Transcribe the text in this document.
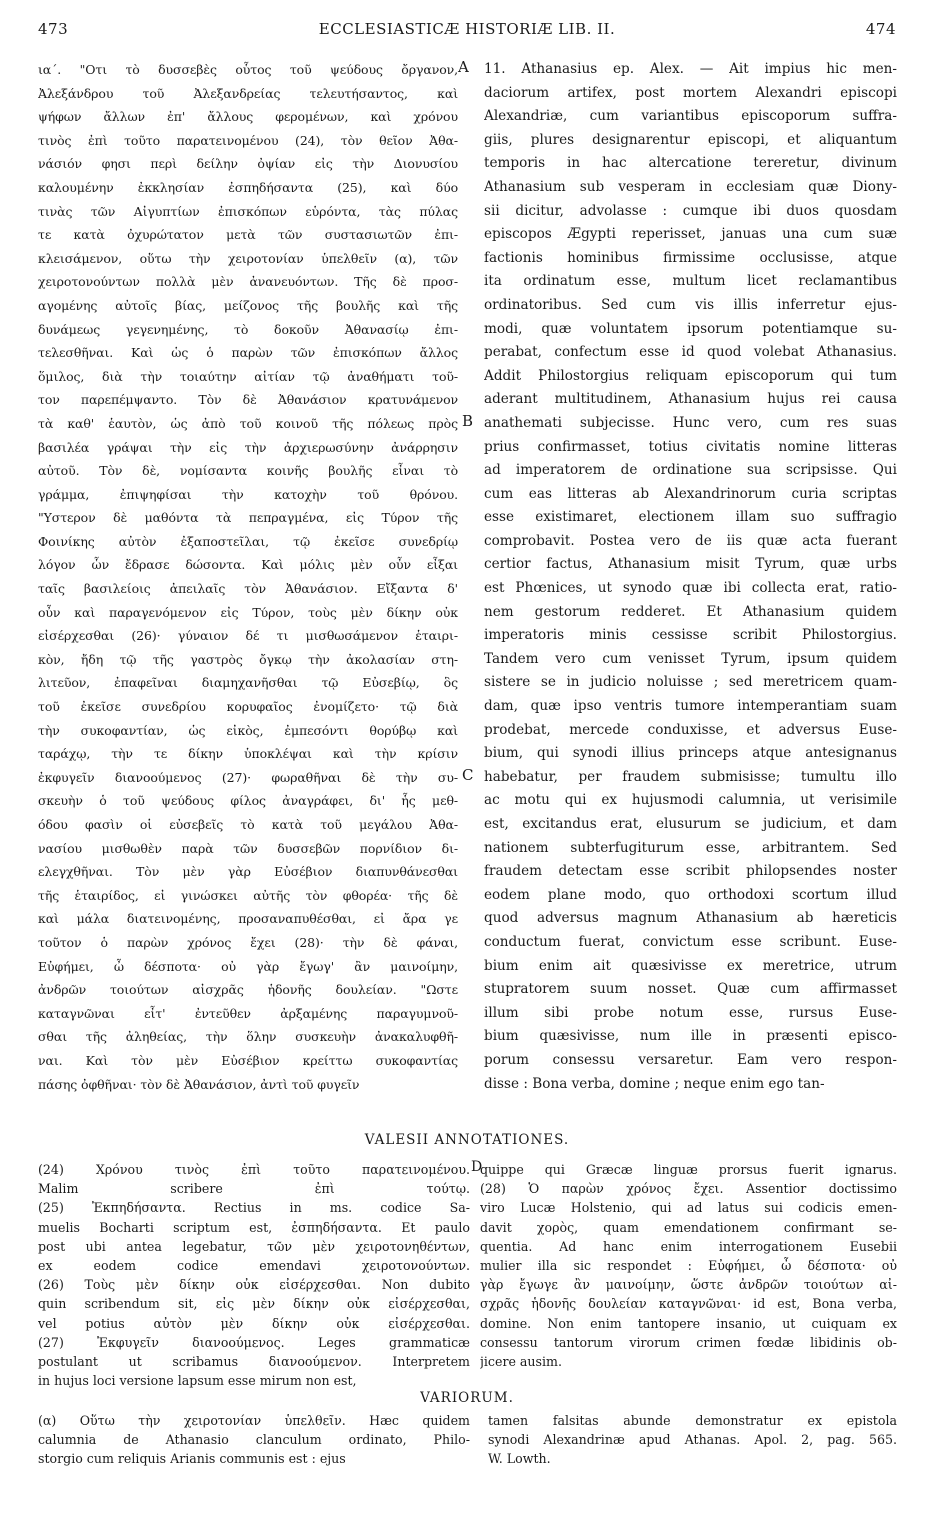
473	ECCLESIASTICÆ HISTORIÆ LIB. II.	474
ια΄. "Οτι τὸ δυσσεβὲς οὗτος τοῦ ψεύδους ὄργανον,
Ἀλεξάνδρου τοῦ Ἀλεξανδρείας τελευτήσαντος, καὶ
ψήφων ἄλλων ἐπ' ἄλλους φερομένων, καὶ χρόνου
τινὸς ἐπὶ τοῦτο παρατεινομένου (24), τὸν θεῖον Ἀθα-
νάσιόν φησι περὶ δείλην ὀψίαν εἰς τὴν Διονυσίου
καλουμένην ἐκκλησίαν ἐσπηδήσαντα (25), καὶ δύο
τινὰς τῶν Αἰγυπτίων ἐπισκόπων εὑρόντα, τὰς πύλας
τε κατὰ ὀχυρώτατον μετὰ τῶν συστασιωτῶν ἐπι-
κλεισάμενον, οὕτω τὴν χειροτονίαν ὑπελθεῖν (α), τῶν
χειροτονούντων πολλὰ μὲν ἀνανευόντων. Τῆς δὲ προσ-
αγομένης αὐτοῖς βίας, μείζονος τῆς βουλῆς καὶ τῆς
δυνάμεως γεγενημένης, τὸ δοκοῦν Ἀθανασίῳ ἐπι-
τελεσθῆναι. Καὶ ὡς ὁ παρὼν τῶν ἐπισκόπων ἄλλος
ὅμιλος, διὰ τὴν τοιαύτην αἰτίαν τῷ ἀναθήματι τοῦ-
τον παρεπέμψαντο. Τὸν δὲ Ἀθανάσιον κρατυνάμενον
τὰ καθ' ἑαυτὸν, ὡς ἀπὸ τοῦ κοινοῦ τῆς πόλεως πρὸς
βασιλέα γράψαι τὴν εἰς τὴν ἀρχιερωσύνην ἀνάρρησιν
αὐτοῦ. Τὸν δὲ, νομίσαντα κοινῆς βουλῆς εἶναι τὸ
γράμμα, ἐπιψηφίσαι τὴν κατοχὴν τοῦ θρόνου.
"Υστερον δὲ μαθόντα τὰ πεπραγμένα, εἰς Τύρον τῆς
Φοινίκης αὐτὸν ἐξαποστεῖλαι, τῷ ἐκεῖσε συνεδρίῳ
λόγον ὧν ἔδρασε δώσοντα. Καὶ μόλις μὲν οὖν εἶξαι
ταῖς βασιλείοις ἀπειλαῖς τὸν Ἀθανάσιον. Εἴξαντα δ'
οὖν καὶ παραγενόμενον εἰς Τύρον, τοὺς μὲν δίκην οὐκ
εἰσέρχεσθαι (26)· γύναιον δέ τι μισθωσάμενον ἑταιρι-
κὸν, ἤδη τῷ τῆς γαστρὸς ὄγκῳ τὴν ἀκολασίαν στη-
λιτεῦον, ἐπαφεῖναι διαμηχανῆσθαι τῷ Εὐσεβίῳ, ὃς
τοῦ ἐκεῖσε συνεδρίου κορυφαῖος ἐνομίζετο· τῷ διὰ
τὴν συκοφαντίαν, ὡς εἰκὸς, ἐμπεσόντι θορύβῳ καὶ
ταράχῳ, τὴν τε δίκην ὑποκλέψαι καὶ τὴν κρίσιν
ἐκφυγεῖν διανοούμενος (27)· φωραθῆναι δὲ τὴν συ-
σκευὴν ὁ τοῦ ψεύδους φίλος ἀναγράφει, δι' ἧς μεθ-
όδου φασὶν οἱ εὐσεβεῖς τὸ κατὰ τοῦ μεγάλου Ἀθα-
νασίου μισθωθὲν παρὰ τῶν δυσσεβῶν πορνίδιον δι-
ελεγχθῆναι. Τὸν μὲν γὰρ Εὐσέβιον διαπυνθάνεσθαι
τῆς ἑταιρίδος, εἰ γινώσκει αὐτῆς τὸν φθορέα· τῆς δὲ
καὶ μάλα διατεινομένης, προσαναπυθέσθαι, εἰ ἄρα γε
τοῦτον ὁ παρὼν χρόνος ἔχει (28)· τὴν δὲ φάναι,
Εὐφήμει, ὦ δέσποτα· οὐ γὰρ ἔγωγ' ἂν μαινοίμην,
ἀνδρῶν τοιούτων αἰσχρᾶς ἡδονῆς δουλείαν. "Ωστε
καταγνῶναι εἶτ' ἐντεῦθεν ἀρξαμένης παραγυμνοῦ-
σθαι τῆς ἀληθείας, τὴν ὅλην συσκευὴν ἀνακαλυφθῆ-
ναι. Καὶ τὸν μὲν Εὐσέβιον κρείττω συκοφαντίας
πάσης ὀφθῆναι· τὸν δὲ Ἀθανάσιον, ἀντὶ τοῦ φυγεῖν
11. Athanasius ep. Alex. — Ait impius hic men-
daciorum artifex, post mortem Alexandri episcopi
Alexandriæ, cum variantibus episcoporum suffra-
giis, plures designarentur episcopi, et aliquantum
temporis in hac altercatione tereretur, divinum
Athanasium sub vesperam in ecclesiam quæ Diony-
sii dicitur, advolasse : cumque ibi duos quosdam
episcopos Ægypti reperisset, januas una cum suæ
factionis hominibus firmissime occlusisse, atque
ita ordinatum esse, multum licet reclamantibus
ordinatoribus. Sed cum vis illis inferretur ejus-
modi, quæ voluntatem ipsorum potentiamque su-
perabat, confectum esse id quod volebat Athanasius.
Addit Philostorgius reliquam episcoporum qui tum
aderant multitudinem, Athanasium hujus rei causa
anathemati subjecisse. Hunc vero, cum res suas
prius confirmasset, totius civitatis nomine litteras
ad imperatorem de ordinatione sua scripsisse. Qui
cum eas litteras ab Alexandrinorum curia scriptas
esse existimaret, electionem illam suo suffragio
comprobavit. Postea vero de iis quæ acta fuerant
certior factus, Athanasium misit Tyrum, quæ urbs
est Phœnices, ut synodo quæ ibi collecta erat, ratio-
nem gestorum redderet. Et Athanasium quidem
imperatoris minis cessisse scribit Philostorgius.
Tandem vero cum venisset Tyrum, ipsum quidem
sistere se in judicio noluisse ; sed meretricem quam-
dam, quæ ipso ventris tumore intemperantiam suam
prodebat, mercede conduxisse, et adversus Euse-
bium, qui synodi illius princeps atque antesignanus
habebatur, per fraudem submisisse; tumultu illo
ac motu qui ex hujusmodi calumnia, ut verisimile
est, excitandus erat, elusurum se judicium, et dam
nationem subterfugiturum esse, arbitrantem. Sed
fraudem detectam esse scribit philopsendes noster
eodem plane modo, quo orthodoxi scortum illud
quod adversus magnum Athanasium ab hæreticis
conductum fuerat, convictum esse scribunt. Euse-
bium enim ait quæsivisse ex meretrice, utrum
stupratorem suum nosset. Quæ cum affirmasset
illum sibi probe notum esse, rursus Euse-
bium quæsivisse, num ille in præsenti episco-
porum consessu versaretur. Eam vero respon-
disse : Bona verba, domine ; neque enim ego tan-
A
B
C
VALESII ANNOTATIONES.
(24) Χρόνου τινὸς ἐπὶ τοῦτο παρατεινομένου.
Malim scribere ἐπὶ τούτῳ.
(25) Ἐκπηδήσαντα. Rectius in ms. codice Sa-
muelis Bocharti scriptum est, ἐσπηδήσαντα. Et paulo
post ubi antea legebatur, τῶν μὲν χειροτονηθέντων,
ex eodem codice emendavi χειροτονούντων.
(26) Τοὺς μὲν δίκην οὐκ εἰσέρχεσθαι. Non dubito
quin scribendum sit, εἰς μὲν δίκην οὐκ εἰσέρχεσθαι,
vel potius αὐτὸν μὲν δίκην οὐκ εἰσέρχεσθαι.
(27) Ἐκφυγεῖν διανοούμενος. Leges grammaticæ
postulant ut scribamus διανοούμενον. Interpretem
in hujus loci versione lapsum esse mirum non est,
D
quippe qui Græcæ linguæ prorsus fuerit ignarus.
(28) Ὁ παρὼν χρόνος ἔχει. Assentior doctissimo
viro Lucæ Holstenio, qui ad latus sui codicis emen-
davit χορὸς, quam emendationem confirmant se-
quentia. Ad hanc enim interrogationem Eusebii
mulier illa sic respondet : Εὐφήμει, ὦ δέσποτα· οὐ
γὰρ ἔγωγε ἂν μαινοίμην, ὥστε ἀνδρῶν τοιούτων αἰ-
σχρᾶς ἡδονῆς δουλείαν καταγνῶναι· id est, Bona verba,
domine. Non enim tantopere insanio, ut cuiquam ex
consessu tantorum virorum crimen fœdæ libidinis ob-
jicere ausim.
VARIORUM.
(α) Οὕτω τὴν χειροτονίαν ὑπελθεῖν. Hæc quidem
calumnia de Athanasio clanculum ordinato, Philo-
storgio cum reliquis Arianis communis est : ejus
tamen falsitas abunde demonstratur ex epistola
synodi Alexandrinæ apud Athanas. Apol. 2, pag. 565.
W. Lowth.
